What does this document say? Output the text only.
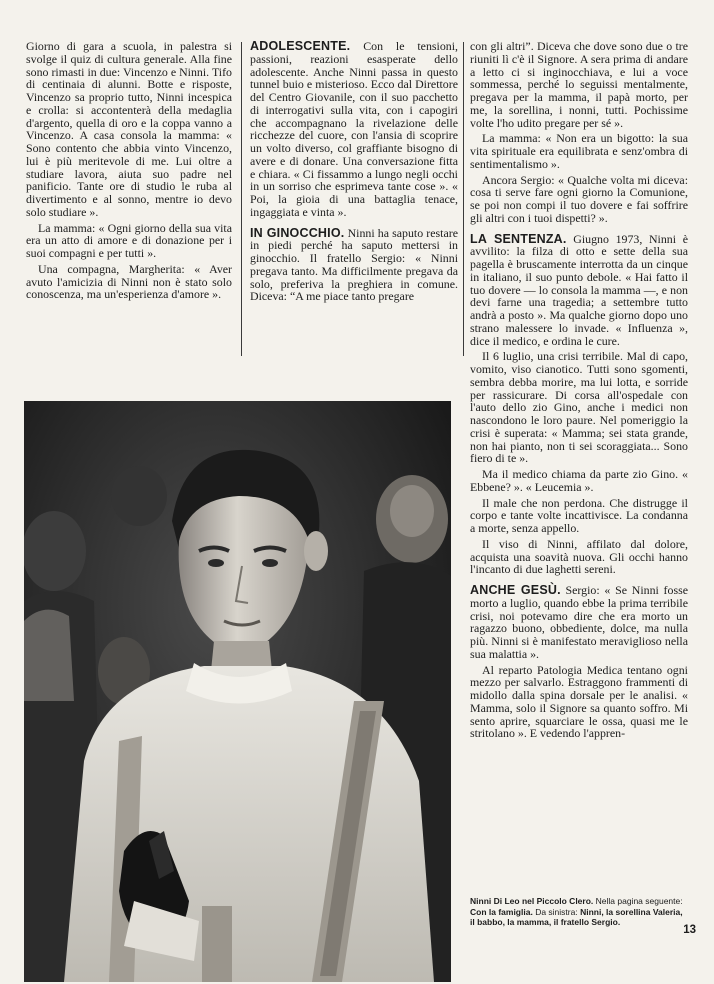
Giorno di gara a scuola, in palestra si svolge il quiz di cultura generale. Alla fine sono rimasti in due: Vincenzo e Ninni. Tifo di centinaia di alunni. Botte e risposte, Vincenzo sa proprio tutto, Ninni incespica e crolla: si accontenterà della medaglia d'argento, quella di oro e la coppa vanno a Vincenzo. A casa consola la mamma: « Sono contento che abbia vinto Vincenzo, lui è più meritevole di me. Lui oltre a studiare lavora, aiuta suo padre nel panificio. Tante ore di studio le ruba al divertimento e al sonno, mentre io devo solo studiare ».

La mamma: « Ogni giorno della sua vita era un atto di amore e di donazione per i suoi compagni e per tutti ».

Una compagna, Margherita: « Aver avuto l'amicizia di Ninni non è stato solo conoscenza, ma un'esperienza d'amore ».

ADOLESCENTE. Con le tensioni, passioni, reazioni esasperate dello adolescente. Anche Ninni passa in questo tunnel buio e misterioso. Ecco dal Direttore del Centro Giovanile, con il suo pacchetto di interrogativi sulla vita, con i capogiri che accompagnano la rivelazione delle ricchezze del cuore, con l'ansia di scoprire un volto diverso, col graffiante bisogno di avere e di donare. Una conversazione fitta e chiara. « Ci fissammo a lungo negli occhi in un sorriso che esprimeva tante cose ». « Poi, la gioia di una battaglia tenace, ingaggiata e vinta ».

IN GINOCCHIO. Ninni ha saputo restare in piedi perché ha saputo mettersi in ginocchio. Il fratello Sergio: « Ninni pregava tanto. Ma difficilmente pregava da solo, preferiva la preghiera in comune. Diceva: “A me piace tanto pregare

con gli altri”. Diceva che dove sono due o tre riuniti lì c'è il Signore. A sera prima di andare a letto ci si inginocchiava, e lui a voce sommessa, perché lo seguissi mentalmente, pregava per la mamma, il papà morto, per me, la sorellina, i nonni, tutti. Pochissime volte l'ho udito pregare per sé ».

La mamma: « Non era un bigotto: la sua vita spirituale era equilibrata e senz'ombra di sentimentalismo ».

Ancora Sergio: « Qualche volta mi diceva: cosa ti serve fare ogni giorno la Comunione, se poi non compi il tuo dovere e fai soffrire gli altri con i tuoi dispetti? ».

LA SENTENZA. Giugno 1973, Ninni è avvilito: la filza di otto e sette della sua pagella è bruscamente interrotta da un cinque in italiano, il suo punto debole. « Hai fatto il tuo dovere — lo consola la mamma —, e non devi farne una tragedia; a settembre tutto andrà a posto ». Ma qualche giorno dopo uno strano malessere lo invade. « Influenza », dice il medico, e ordina le cure.

Il 6 luglio, una crisi terribile. Mal di capo, vomito, viso cianotico. Tutti sono sgomenti, sembra debba morire, ma lui lotta, e sorride per rassicurare. Di corsa all'ospedale con l'auto dello zio Gino, anche i medici non nascondono le loro paure. Nel pomeriggio la crisi è superata: « Mamma; sei stata grande, non hai pianto, non ti sei scoraggiata... Sono fiero di te ».

Ma il medico chiama da parte zio Gino. « Ebbene? ». « Leucemia ».

Il male che non perdona. Che distrugge il corpo e tante volte incattivisce. La condanna a morte, senza appello.

Il viso di Ninni, affilato dal dolore, acquista una soavità nuova. Gli occhi hanno l'incanto di due laghetti sereni.

ANCHE GESÙ. Sergio: « Se Ninni fosse morto a luglio, quando ebbe la prima terribile crisi, noi potevamo dire che era morto un ragazzo buono, obbediente, dolce, ma nulla più. Ninni si è manifestato meraviglioso nella sua malattia ».

Al reparto Patologia Medica tentano ogni mezzo per salvarlo. Estraggono frammenti di midollo dalla spina dorsale per le analisi. « Mamma, solo il Signore sa quanto soffro. Mi sento aprire, squarciare le ossa, quasi me le stritolano ». E vedendo l'appren-

Ninni Di Leo nel Piccolo Clero. Nella pagina seguente: Con la famiglia. Da sinistra: Ninni, la sorellina Valeria, il babbo, la mamma, il fratello Sergio.
13
